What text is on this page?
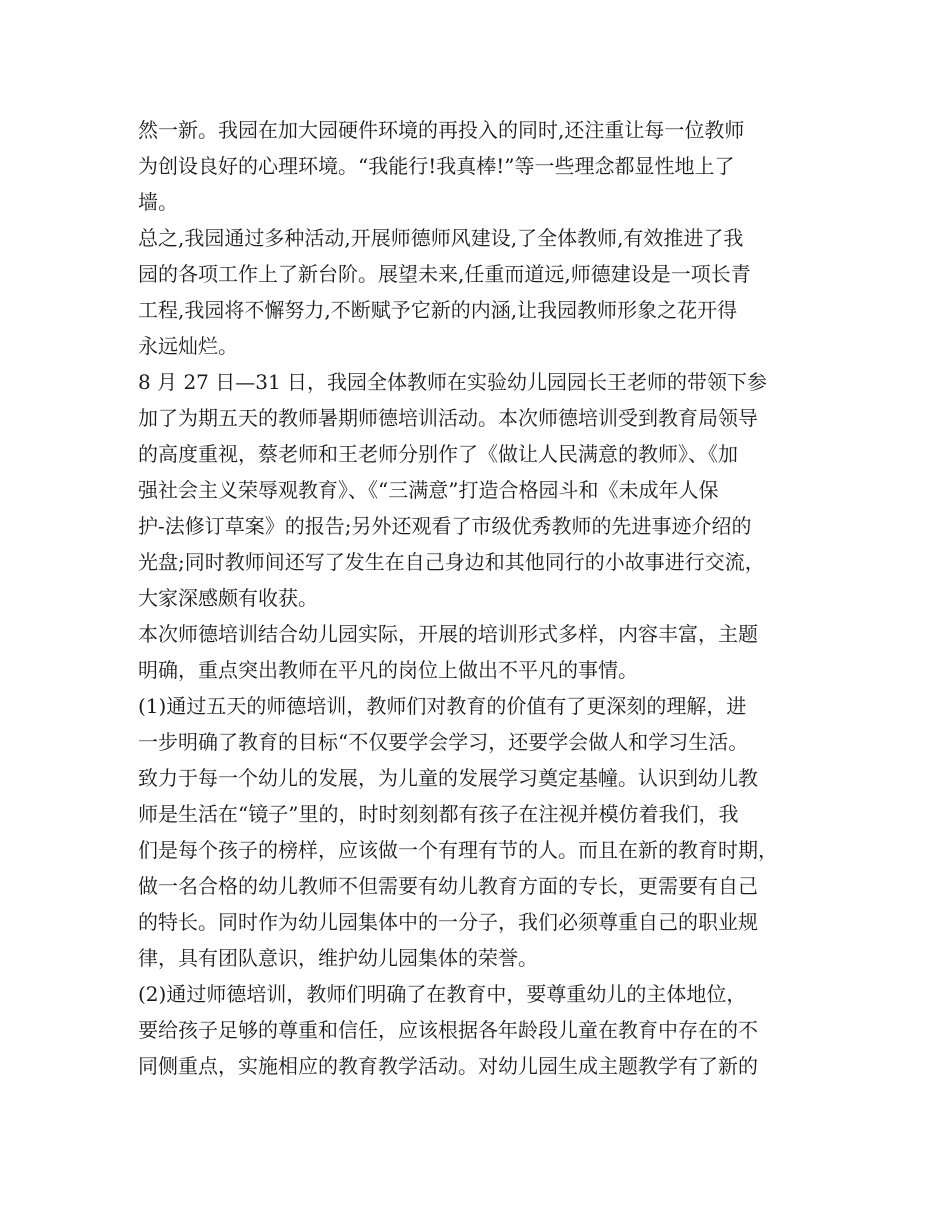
然一新。我园在加大园硬件环境的再投入的同时,还注重让每一位教师
为创设良好的心理环境。“我能行!我真棒!”等一些理念都显性地上了
墙。
总之,我园通过多种活动,开展师德师风建设,了全体教师,有效推进了我
园的各项工作上了新台阶。展望未来,任重而道远,师德建设是一项长青
工程,我园将不懈努力,不断赋予它新的内涵,让我园教师形象之花开得
永远灿烂。
8 月 27 日—31 日，我园全体教师在实验幼儿园园长王老师的带领下参
加了为期五天的教师暑期师德培训活动。本次师德培训受到教育局领导
的高度重视，蔡老师和王老师分别作了《做让人民满意的教师》、《加
强社会主义荣辱观教育》、《“三满意”打造合格园斗和《未成年人保
护-法修订草案》的报告;另外还观看了市级优秀教师的先进事迹介绍的
光盘;同时教师间还写了发生在自己身边和其他同行的小故事进行交流，
大家深感颇有收获。
本次师德培训结合幼儿园实际，开展的培训形式多样，内容丰富，主题
明确，重点突出教师在平凡的岗位上做出不平凡的事情。
(1)通过五天的师德培训，教师们对教育的价值有了更深刻的理解，进
一步明确了教育的目标“不仅要学会学习，还要学会做人和学习生活。
致力于每一个幼儿的发展，为儿童的发展学习奠定基幢。认识到幼儿教
师是生活在“镜子”里的，时时刻刻都有孩子在注视并模仿着我们，我
们是每个孩子的榜样，应该做一个有理有节的人。而且在新的教育时期，
做一名合格的幼儿教师不但需要有幼儿教育方面的专长，更需要有自己
的特长。同时作为幼儿园集体中的一分子，我们必须尊重自己的职业规
律，具有团队意识，维护幼儿园集体的荣誉。
(2)通过师德培训，教师们明确了在教育中，要尊重幼儿的主体地位，
要给孩子足够的尊重和信任，应该根据各年龄段儿童在教育中存在的不
同侧重点，实施相应的教育教学活动。对幼儿园生成主题教学有了新的
